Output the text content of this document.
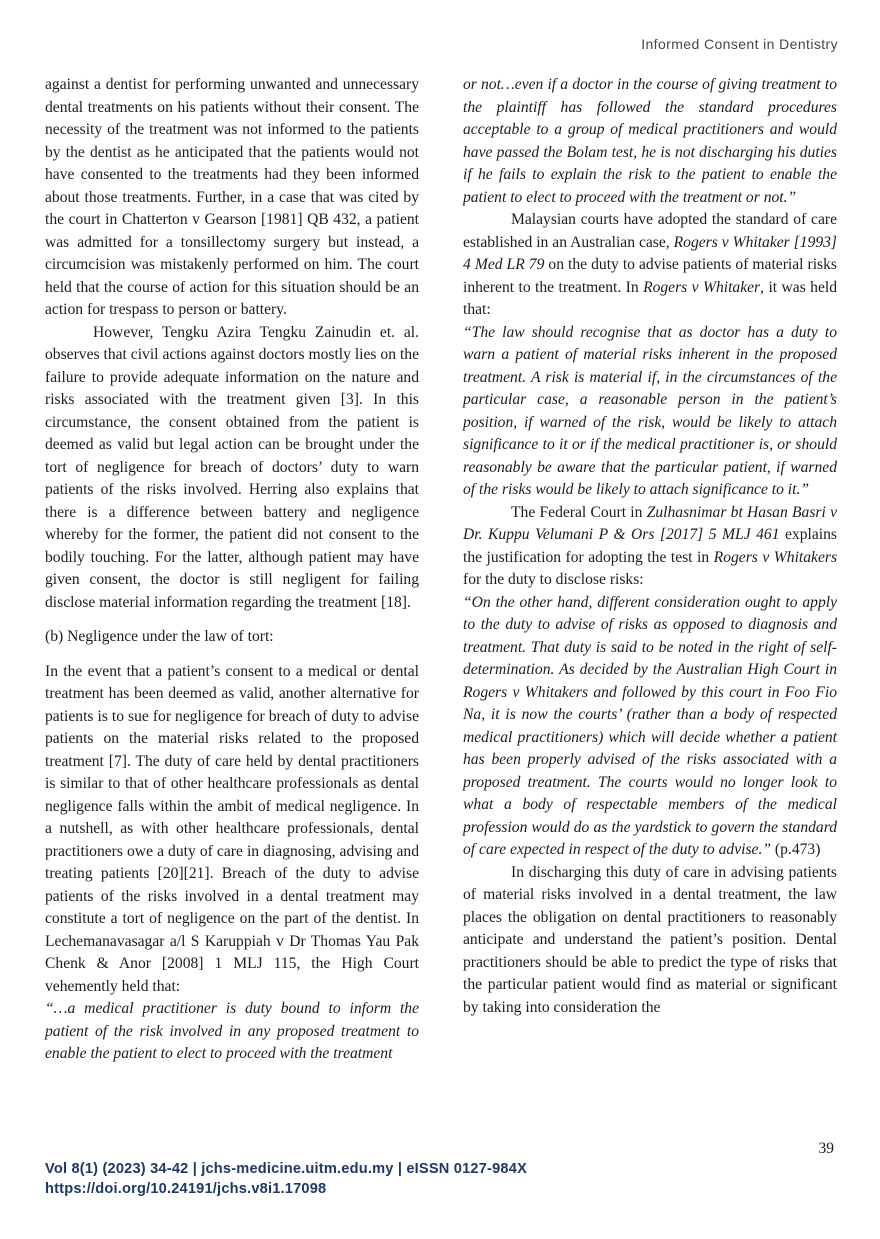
Informed Consent in Dentistry

against a dentist for performing unwanted and unnecessary dental treatments on his patients without their consent. The necessity of the treatment was not informed to the patients by the dentist as he anticipated that the patients would not have consented to the treatments had they been informed about those treatments. Further, in a case that was cited by the court in Chatterton v Gearson [1981] QB 432, a patient was admitted for a tonsillectomy surgery but instead, a circumcision was mistakenly performed on him. The court held that the course of action for this situation should be an action for trespass to person or battery.

However, Tengku Azira Tengku Zainudin et. al. observes that civil actions against doctors mostly lies on the failure to provide adequate information on the nature and risks associated with the treatment given [3]. In this circumstance, the consent obtained from the patient is deemed as valid but legal action can be brought under the tort of negligence for breach of doctors’ duty to warn patients of the risks involved. Herring also explains that there is a difference between battery and negligence whereby for the former, the patient did not consent to the bodily touching. For the latter, although patient may have given consent, the doctor is still negligent for failing disclose material information regarding the treatment [18].

(b) Negligence under the law of tort:

In the event that a patient’s consent to a medical or dental treatment has been deemed as valid, another alternative for patients is to sue for negligence for breach of duty to advise patients on the material risks related to the proposed treatment [7]. The duty of care held by dental practitioners is similar to that of other healthcare professionals as dental negligence falls within the ambit of medical negligence. In a nutshell, as with other healthcare professionals, dental practitioners owe a duty of care in diagnosing, advising and treating patients [20][21]. Breach of the duty to advise patients of the risks involved in a dental treatment may constitute a tort of negligence on the part of the dentist. In Lechemanavasagar a/l S Karuppiah v Dr Thomas Yau Pak Chenk & Anor [2008] 1 MLJ 115, the High Court vehemently held that:

“…a medical practitioner is duty bound to inform the patient of the risk involved in any proposed treatment to enable the patient to elect to proceed with the treatment

or not…even if a doctor in the course of giving treatment to the plaintiff has followed the standard procedures acceptable to a group of medical practitioners and would have passed the Bolam test, he is not discharging his duties if he fails to explain the risk to the patient to enable the patient to elect to proceed with the treatment or not.”

Malaysian courts have adopted the standard of care established in an Australian case, Rogers v Whitaker [1993] 4 Med LR 79 on the duty to advise patients of material risks inherent to the treatment. In Rogers v Whitaker, it was held that:

“The law should recognise that as doctor has a duty to warn a patient of material risks inherent in the proposed treatment. A risk is material if, in the circumstances of the particular case, a reasonable person in the patient’s position, if warned of the risk, would be likely to attach significance to it or if the medical practitioner is, or should reasonably be aware that the particular patient, if warned of the risks would be likely to attach significance to it.”

The Federal Court in Zulhasnimar bt Hasan Basri v Dr. Kuppu Velumani P & Ors [2017] 5 MLJ 461 explains the justification for adopting the test in Rogers v Whitakers for the duty to disclose risks:

“On the other hand, different consideration ought to apply to the duty to advise of risks as opposed to diagnosis and treatment. That duty is said to be noted in the right of self-determination. As decided by the Australian High Court in Rogers v Whitakers and followed by this court in Foo Fio Na, it is now the courts’ (rather than a body of respected medical practitioners) which will decide whether a patient has been properly advised of the risks associated with a proposed treatment. The courts would no longer look to what a body of respectable members of the medical profession would do as the yardstick to govern the standard of care expected in respect of the duty to advise.” (p.473)

In discharging this duty of care in advising patients of material risks involved in a dental treatment, the law places the obligation on dental practitioners to reasonably anticipate and understand the patient’s position. Dental practitioners should be able to predict the type of risks that the particular patient would find as material or significant by taking into consideration the

39
Vol 8(1) (2023) 34-42 | jchs-medicine.uitm.edu.my | eISSN 0127-984X
https://doi.org/10.24191/jchs.v8i1.17098
